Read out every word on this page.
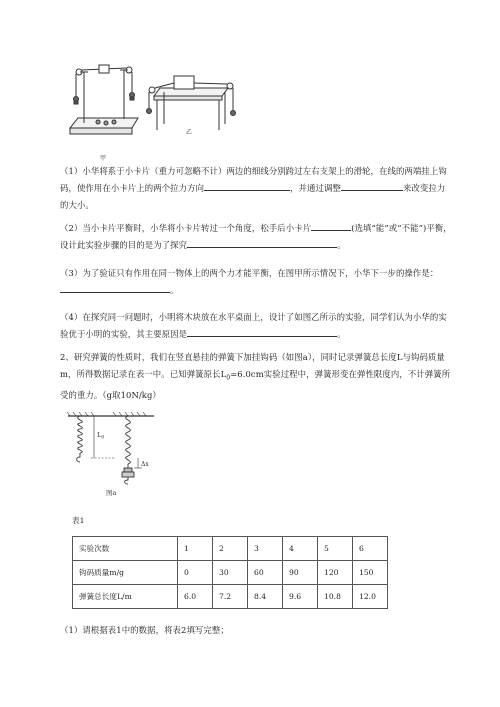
甲
乙
（1）小华将系于小卡片（重力可忽略不计）两边的细线分别跨过左右支架上的滑轮，在线的两端挂上钩码，使作用在小卡片上的两个拉力方向	，并通过调整	来改变拉力的大小。
（2）当小卡片平衡时，小华将小卡片转过一个角度，松手后小卡片	(选填“能”或“不能”)平衡，设计此实验步骤的目的是为了探究	。
（3）为了验证只有作用在同一物体上的两个力才能平衡，在图甲所示情况下，小华下一步的操作是：。
（4）在探究同一问题时，小明将木块放在水平桌面上，设计了如图乙所示的实验，同学们认为小华的实验优于小明的实验，其主要原因是	。
2、研究弹簧的性质时，我们在竖直悬挂的弹簧下加挂钩码（如图a），同时记录弹簧总长度L与钩码质量m，所得数据记录在表一中。已知弹簧原长$L_0=6.0cm$实验过程中，弹簧形变在弹性限度内，不计弹簧所受的重力。（g取10N/kg）
$L_0$
Δx
图a
表1
实验次数	1	2	3	4	5	6
钩码质量m/g	0	30	60	90	120	150
弹簧总长度L/m	6.0	7.2	8.4	9.6	10.8	12.0
（1）请根据表1中的数据，将表2填写完整；
